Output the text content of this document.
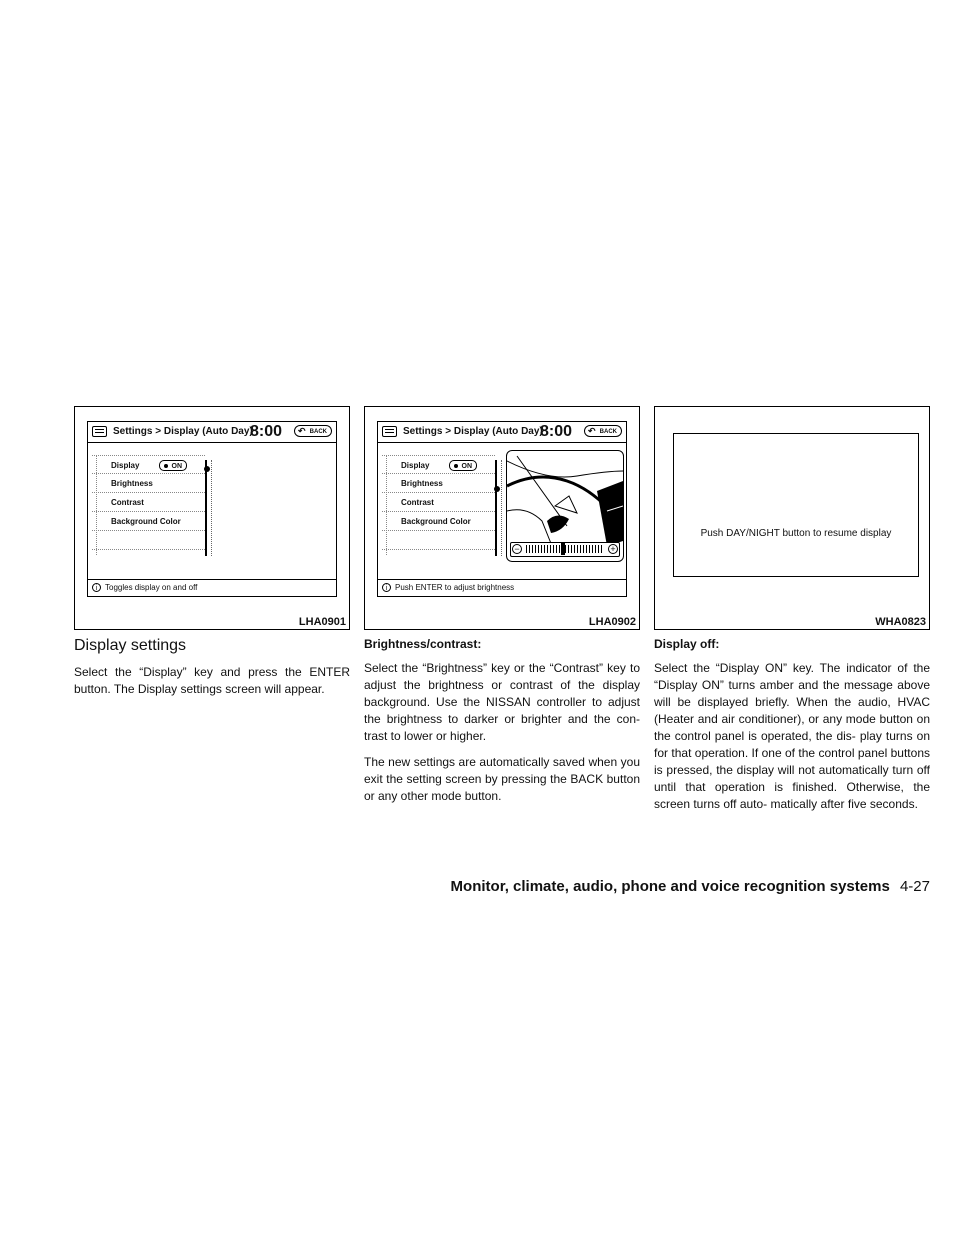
Settings > Display (Auto Day)
8:00 ↶ BACK
Display	ON
Brightness
Contrast
Background Color
i Toggles display on and off
LHA0901
Settings > Display (Auto Day)
8:00 ↶ BACK
Display	ON
Brightness
Contrast
Background Color
−	+
i Push ENTER to adjust brightness
LHA0902
Push DAY/NIGHT button to resume display
WHA0823
Display settings

Select the “Display” key and press the ENTER button. The Display settings screen will appear.

Brightness/contrast:

Select the “Brightness” key or the “Contrast” key to adjust the brightness or contrast of the display background. Use the NISSAN controller to adjust the brightness to darker or brighter and the con- trast to lower or higher.

The new settings are automatically saved when you exit the setting screen by pressing the BACK button or any other mode button.

Display off:

Select the “Display ON” key. The indicator of the “Display ON” turns amber and the message above will be displayed briefly. When the audio, HVAC (Heater and air conditioner), or any mode button on the control panel is operated, the dis- play turns on for that operation. If one of the control panel buttons is pressed, the display will not automatically turn off until that operation is finished. Otherwise, the screen turns off auto- matically after five seconds.

Monitor, climate, audio, phone and voice recognition systems 4-27
